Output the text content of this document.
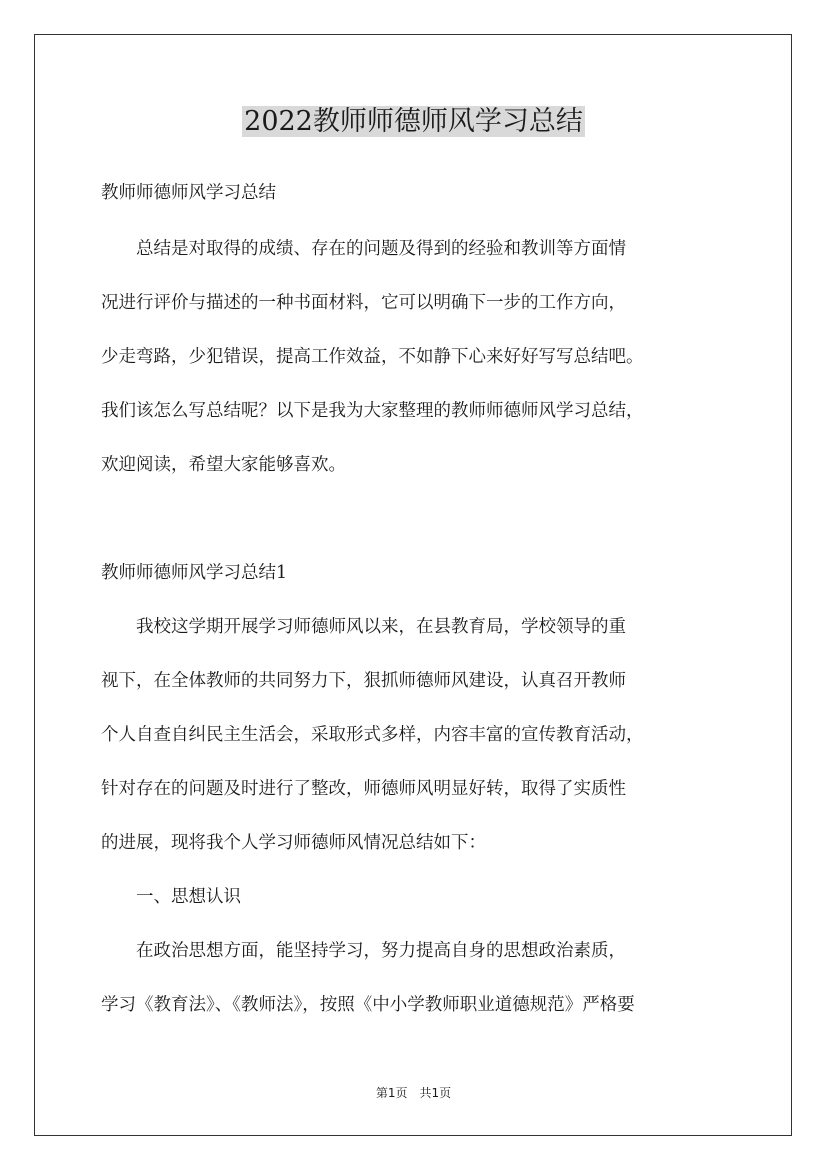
2022教师师德师风学习总结
教师师德师风学习总结
　　总结是对取得的成绩、存在的问题及得到的经验和教训等方面情
况进行评价与描述的一种书面材料，它可以明确下一步的工作方向，
少走弯路，少犯错误，提高工作效益，不如静下心来好好写写总结吧。
我们该怎么写总结呢？以下是我为大家整理的教师师德师风学习总结，
欢迎阅读，希望大家能够喜欢。
教师师德师风学习总结1
　　我校这学期开展学习师德师风以来，在县教育局，学校领导的重
视下，在全体教师的共同努力下，狠抓师德师风建设，认真召开教师
个人自查自纠民主生活会，采取形式多样，内容丰富的宣传教育活动，
针对存在的问题及时进行了整改，师德师风明显好转，取得了实质性
的进展，现将我个人学习师德师风情况总结如下：
　　一、思想认识
　　在政治思想方面，能坚持学习，努力提高自身的思想政治素质，
学习《教育法》、《教师法》，按照《中小学教师职业道德规范》严格要
第1页　共1页
